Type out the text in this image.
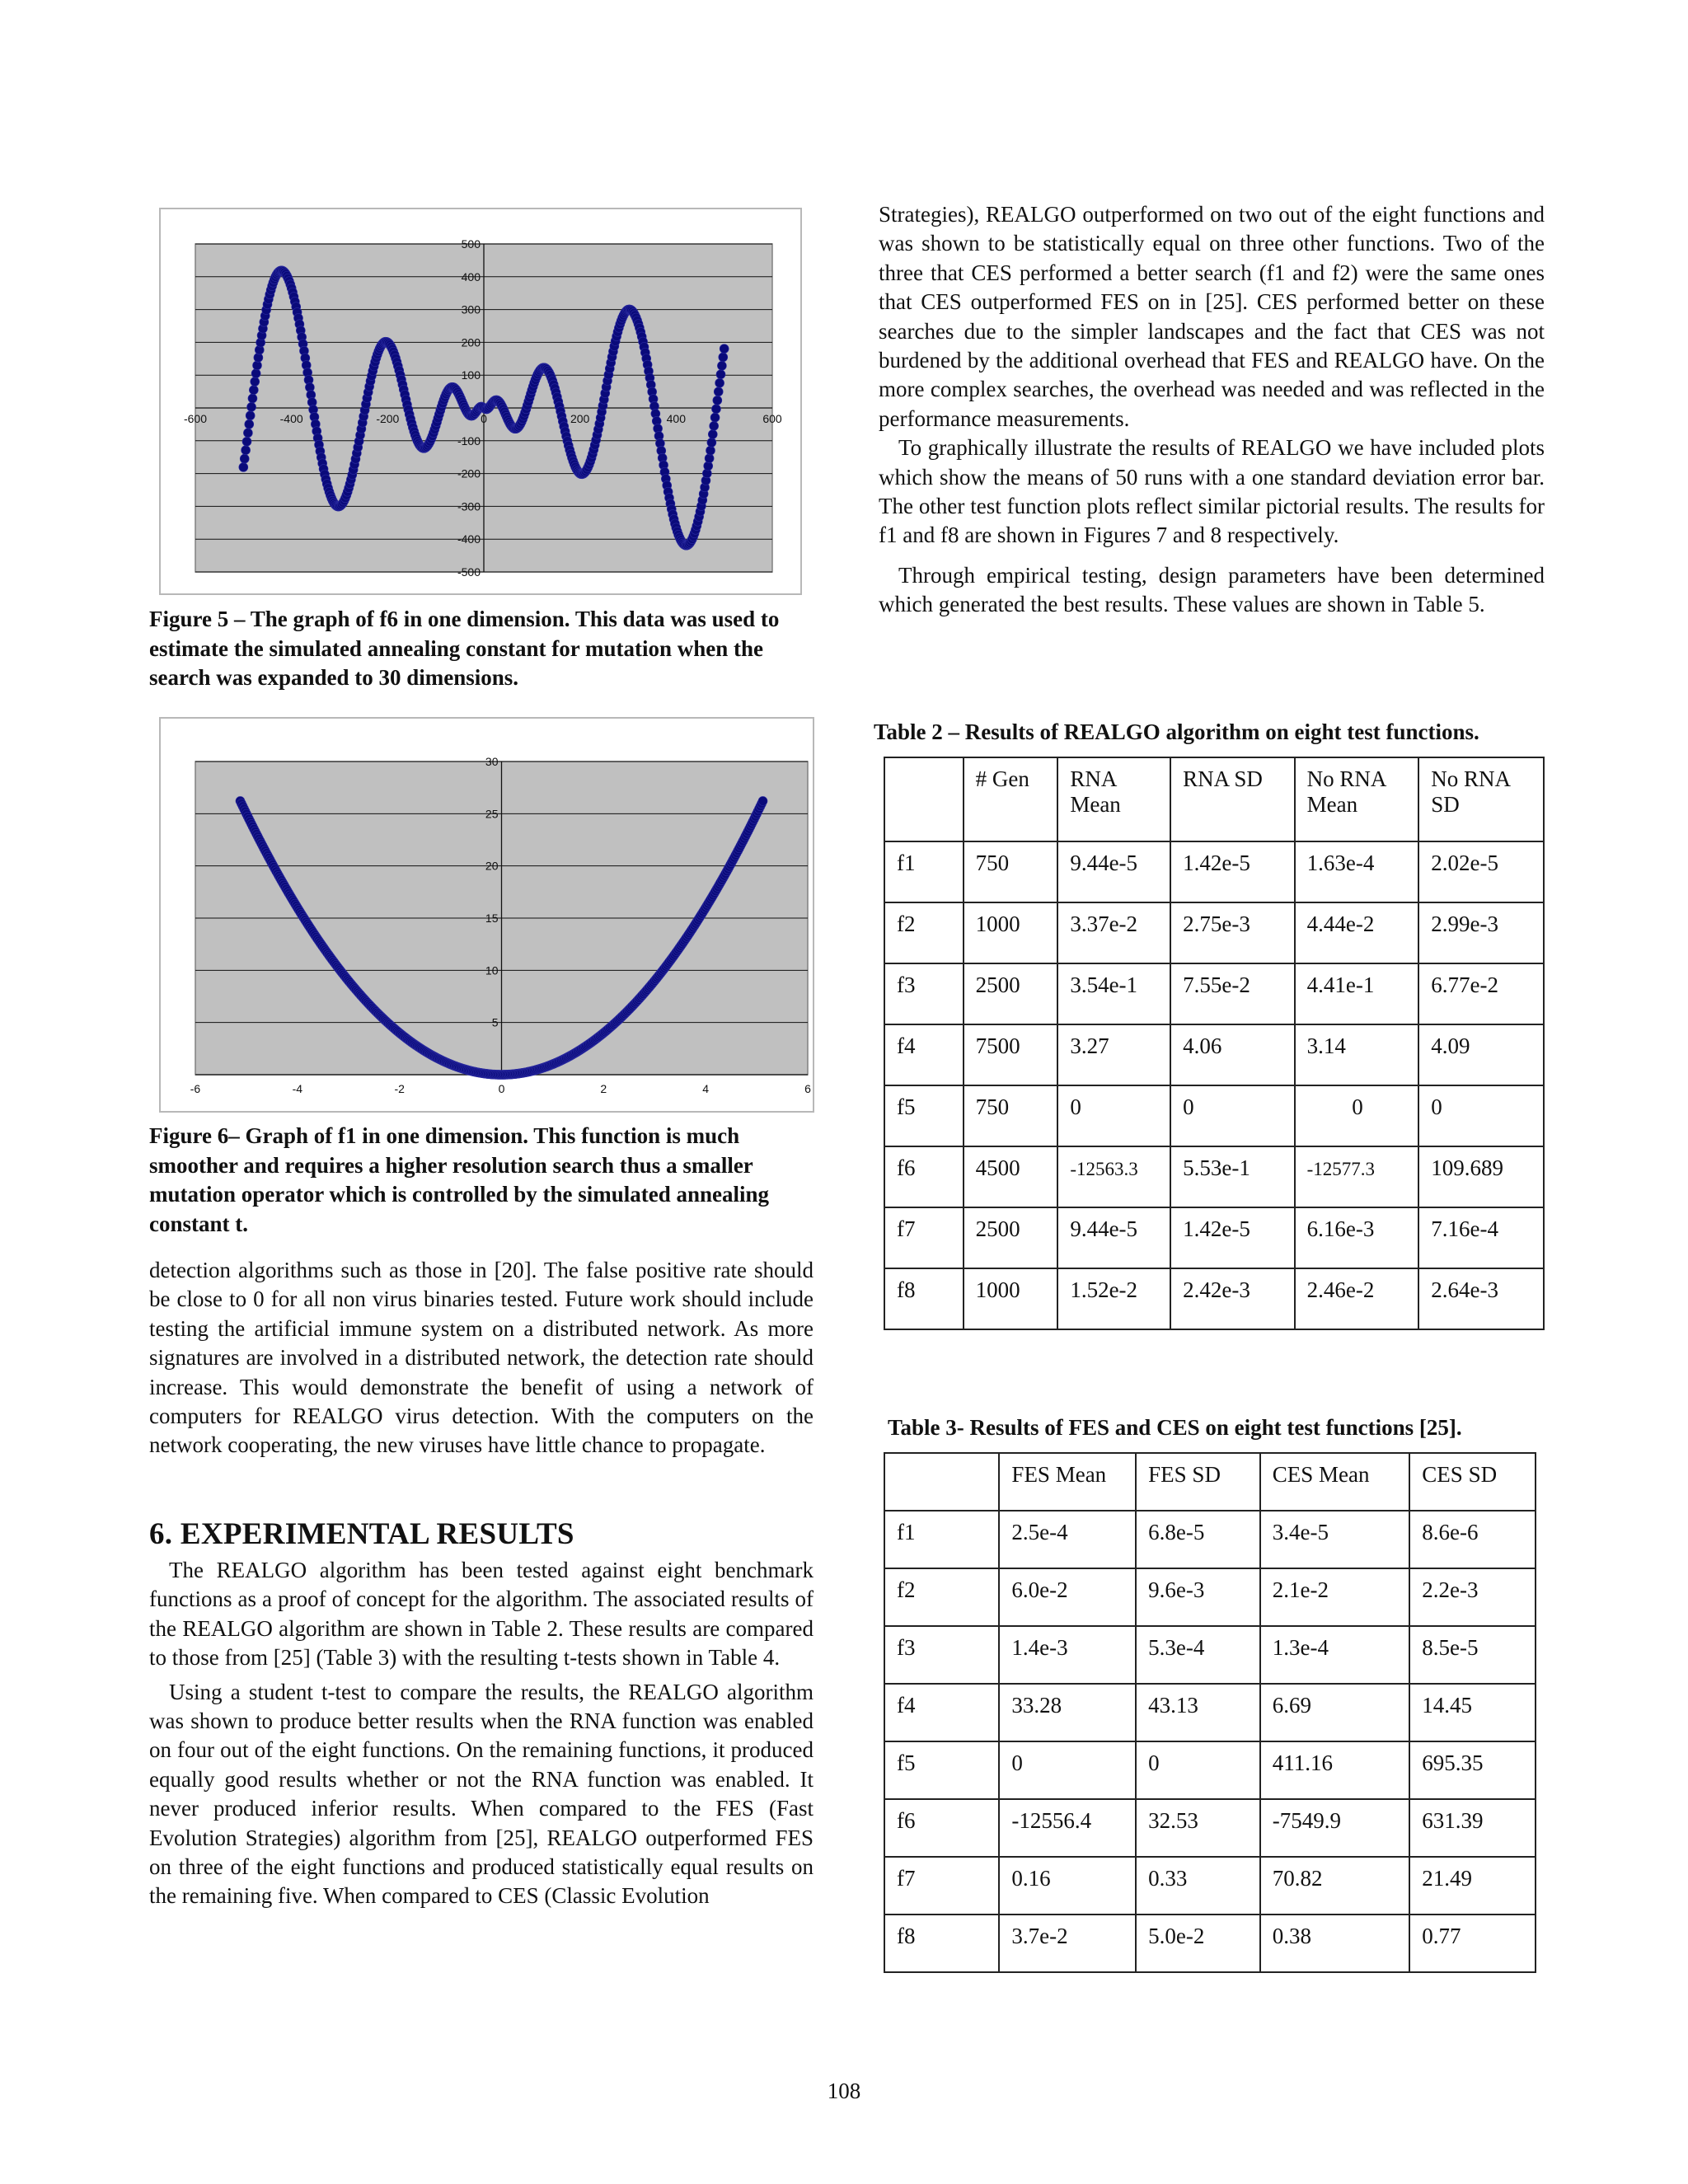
-600	-400	-200	0	200	400	600
500
400
300
200
100
-100
-200
-300
-400
-500

Figure 5 – The graph of f6 in one dimension. This data was used to estimate the simulated annealing constant for mutation when the search was expanded to 30 dimensions.

-6	-4	-2	0	2	4	6
30
25
20
15
10
5

Figure 6– Graph of f1 in one dimension. This function is much smoother and requires a higher resolution search thus a smaller mutation operator which is controlled by the simulated annealing constant t.

detection algorithms such as those in [20]. The false positive rate should be close to 0 for all non virus binaries tested. Future work should include testing the artificial immune system on a distributed network. As more signatures are involved in a distributed network, the detection rate should increase. This would demonstrate the benefit of using a network of computers for REALGO virus detection. With the computers on the network cooperating, the new viruses have little chance to propagate.

6. EXPERIMENTAL RESULTS

The REALGO algorithm has been tested against eight benchmark functions as a proof of concept for the algorithm. The associated results of the REALGO algorithm are shown in Table 2. These results are compared to those from [25] (Table 3) with the resulting t-tests shown in Table 4.

Using a student t-test to compare the results, the REALGO algorithm was shown to produce better results when the RNA function was enabled on four out of the eight functions. On the remaining functions, it produced equally good results whether or not the RNA function was enabled. It never produced inferior results. When compared to the FES (Fast Evolution Strategies) algorithm from [25], REALGO outperformed FES on three of the eight functions and produced statistically equal results on the remaining five. When compared to CES (Classic Evolution

Strategies), REALGO outperformed on two out of the eight functions and was shown to be statistically equal on three other functions. Two of the three that CES performed a better search (f1 and f2) were the same ones that CES outperformed FES on in [25]. CES performed better on these searches due to the simpler landscapes and the fact that CES was not burdened by the additional overhead that FES and REALGO have. On the more complex searches, the overhead was needed and was reflected in the performance measurements.

To graphically illustrate the results of REALGO we have included plots which show the means of 50 runs with a one standard deviation error bar. The other test function plots reflect similar pictorial results. The results for f1 and f8 are shown in Figures 7 and 8 respectively.

Through empirical testing, design parameters have been determined which generated the best results. These values are shown in Table 5.

Table 2 – Results of REALGO algorithm on eight test functions.
	# Gen	RNA Mean	RNA SD	No RNA Mean	No RNA SD
f1	750	9.44e-5	1.42e-5	1.63e-4	2.02e-5
f2	1000	3.37e-2	2.75e-3	4.44e-2	2.99e-3
f3	2500	3.54e-1	7.55e-2	4.41e-1	6.77e-2
f4	7500	3.27	4.06	3.14	4.09
f5	750	0	0	0	0
f6	4500	-12563.3	5.53e-1	-12577.3	109.689
f7	2500	9.44e-5	1.42e-5	6.16e-3	7.16e-4
f8	1000	1.52e-2	2.42e-3	2.46e-2	2.64e-3
Table 3- Results of FES and CES on eight test functions [25].
	FES Mean	FES SD	CES Mean	CES SD
f1	2.5e-4	6.8e-5	3.4e-5	8.6e-6
f2	6.0e-2	9.6e-3	2.1e-2	2.2e-3
f3	1.4e-3	5.3e-4	1.3e-4	8.5e-5
f4	33.28	43.13	6.69	14.45
f5	0	0	411.16	695.35
f6	-12556.4	32.53	-7549.9	631.39
f7	0.16	0.33	70.82	21.49
f8	3.7e-2	5.0e-2	0.38	0.77
108
